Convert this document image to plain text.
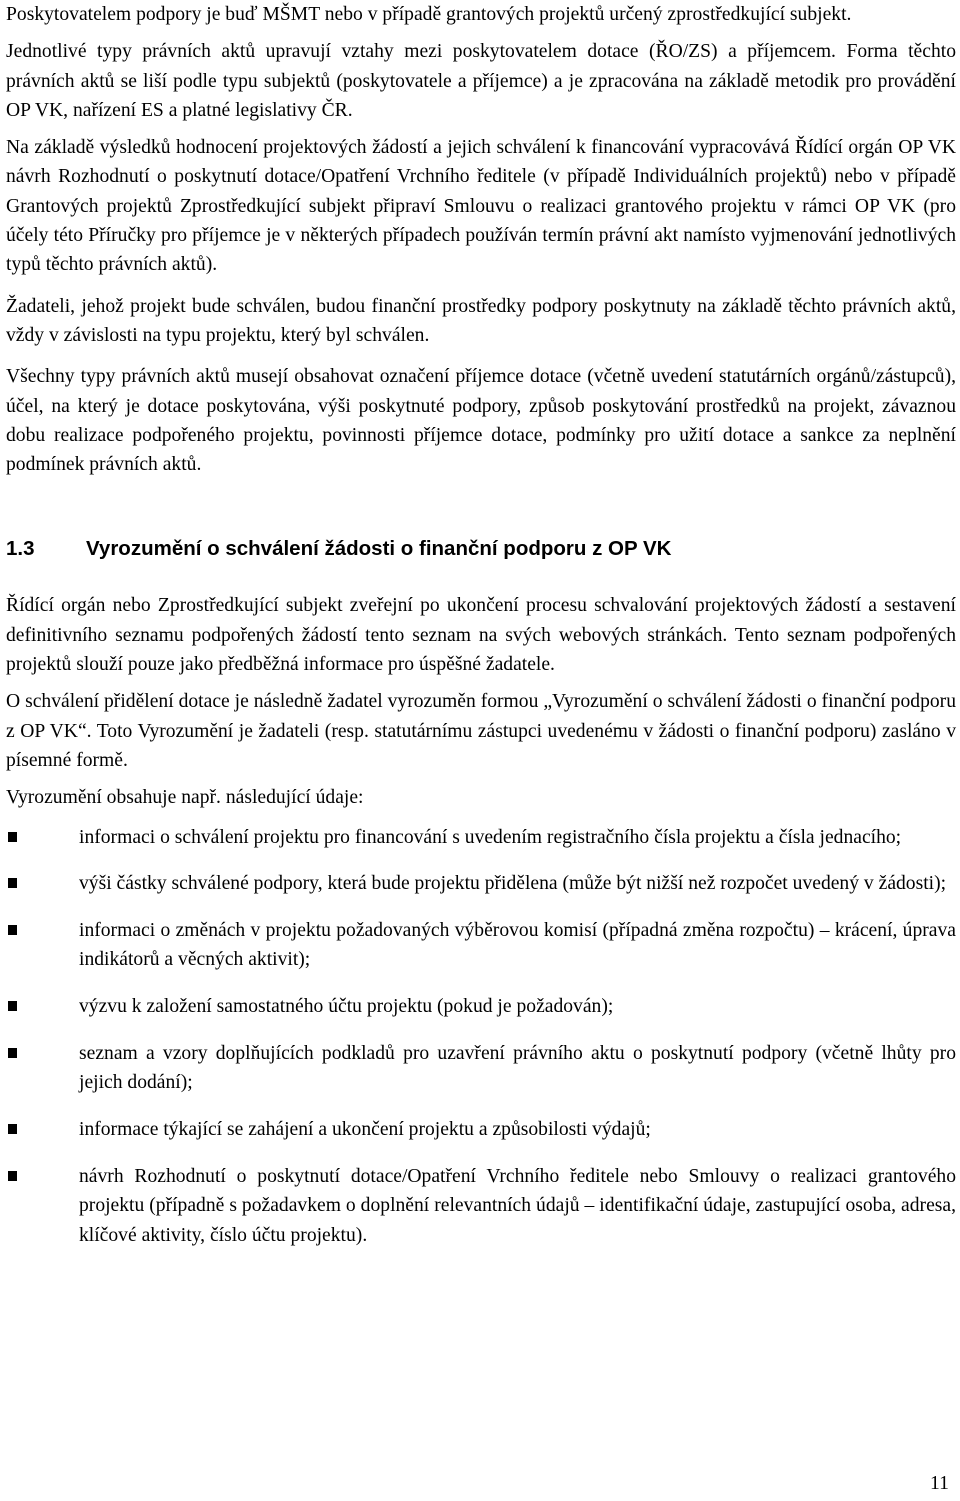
Poskytovatelem podpory je buď MŠMT nebo v případě grantových projektů určený zprostředkující subjekt.

Jednotlivé typy právních aktů upravují vztahy mezi poskytovatelem dotace (ŘO/ZS) a příjemcem. Forma těchto právních aktů se liší podle typu subjektů (poskytovatele a příjemce) a je zpracována na základě metodik pro provádění OP VK, nařízení ES a platné legislativy ČR.

Na základě výsledků hodnocení projektových žádostí a jejich schválení k financování vypracovává Řídící orgán OP VK návrh Rozhodnutí o poskytnutí dotace/Opatření Vrchního ředitele (v případě Individuálních projektů) nebo v případě Grantových projektů Zprostředkující subjekt připraví Smlouvu o realizaci grantového projektu v rámci OP VK (pro účely této Příručky pro příjemce je v některých případech používán termín právní akt namísto vyjmenování jednotlivých typů těchto právních aktů).

Žadateli, jehož projekt bude schválen, budou finanční prostředky podpory poskytnuty na základě těchto právních aktů, vždy v závislosti na typu projektu, který byl schválen.

Všechny typy právních aktů musejí obsahovat označení příjemce dotace (včetně uvedení statutárních orgánů/zástupců), účel, na který je dotace poskytována, výši poskytnuté podpory, způsob poskytování prostředků na projekt, závaznou dobu realizace podpořeného projektu, povinnosti příjemce dotace, podmínky pro užití dotace a sankce za neplnění podmínek právních aktů.

1.3	Vyrozumění o schválení žádosti o finanční podporu z OP VK

Řídící orgán nebo Zprostředkující subjekt zveřejní po ukončení procesu schvalování projektových žádostí a sestavení definitivního seznamu podpořených žádostí tento seznam na svých webových stránkách. Tento seznam podpořených projektů slouží pouze jako předběžná informace pro úspěšné žadatele.

O schválení přidělení dotace je následně žadatel vyrozuměn formou „Vyrozumění o schválení žádosti o finanční podporu z OP VK“. Toto Vyrozumění je žadateli (resp. statutárnímu zástupci uvedenému v žádosti o finanční podporu) zasláno v písemné formě.

Vyrozumění obsahuje např. následující údaje:

informaci o schválení projektu pro financování s uvedením registračního čísla projektu a čísla jednacího;
výši částky schválené podpory, která bude projektu přidělena (může být nižší než rozpočet uvedený v žádosti);
informaci o změnách v projektu požadovaných výběrovou komisí (případná změna rozpočtu) – krácení, úprava indikátorů a věcných aktivit);
výzvu k založení samostatného účtu projektu (pokud je požadován);
seznam a vzory doplňujících podkladů pro uzavření právního aktu o poskytnutí podpory (včetně lhůty pro jejich dodání);
informace týkající se zahájení a ukončení projektu a způsobilosti výdajů;
návrh Rozhodnutí o poskytnutí dotace/Opatření Vrchního ředitele nebo Smlouvy o realizaci grantového projektu (případně s požadavkem o doplnění relevantních údajů – identifikační údaje, zastupující osoba, adresa, klíčové aktivity, číslo účtu projektu).
11
